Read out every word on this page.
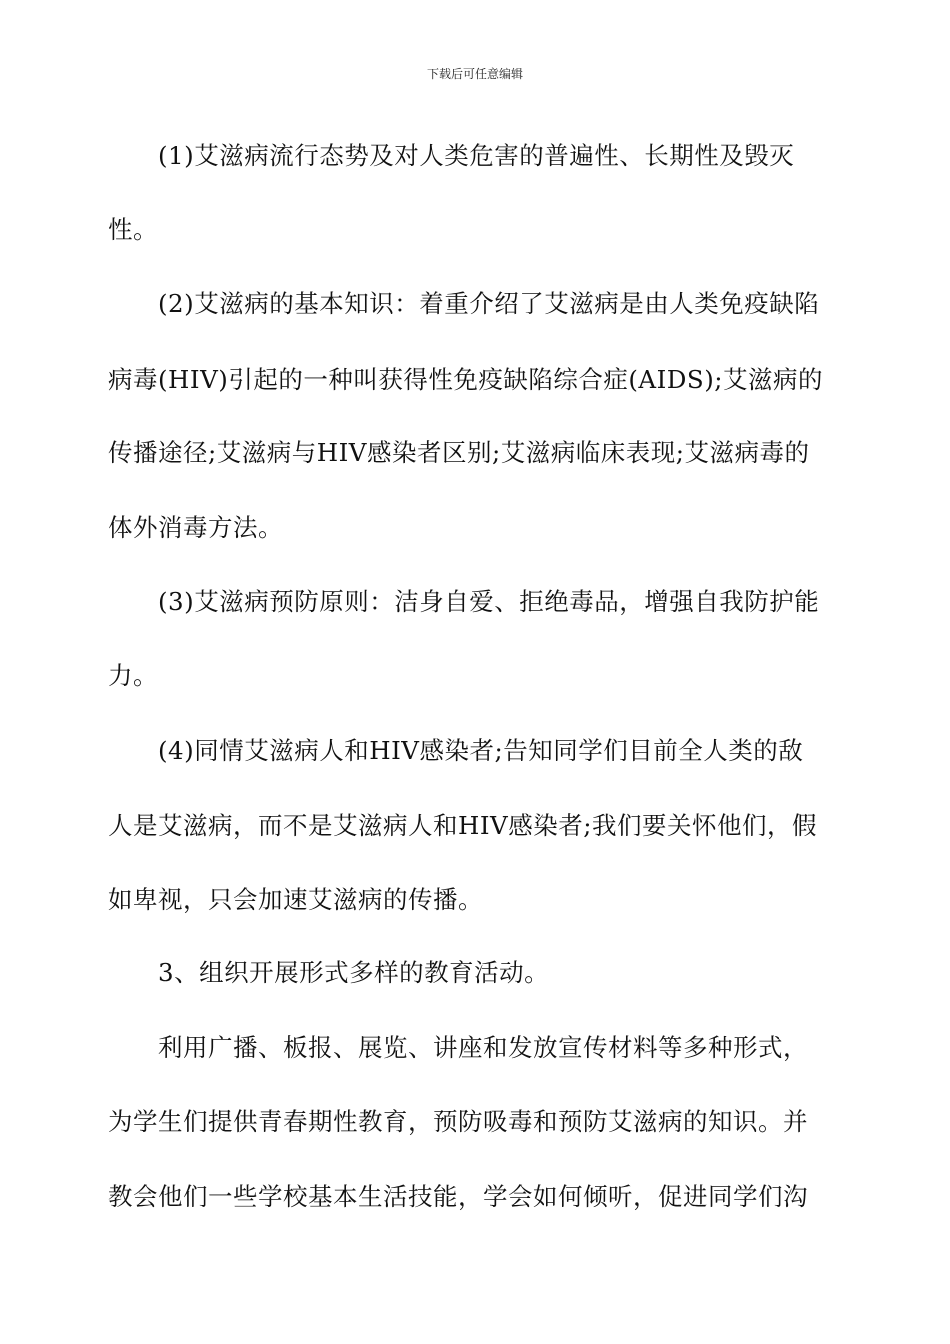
下载后可任意编辑
(1)艾滋病流行态势及对人类危害的普遍性、长期性及毁灭
性。
(2)艾滋病的基本知识：着重介绍了艾滋病是由人类免疫缺陷
病毒(HIV)引起的一种叫获得性免疫缺陷综合症(AIDS);艾滋病的
传播途径;艾滋病与HIV感染者区别;艾滋病临床表现;艾滋病毒的
体外消毒方法。
(3)艾滋病预防原则：洁身自爱、拒绝毒品，增强自我防护能
力。
(4)同情艾滋病人和HIV感染者;告知同学们目前全人类的敌
人是艾滋病，而不是艾滋病人和HIV感染者;我们要关怀他们，假
如卑视，只会加速艾滋病的传播。
3、组织开展形式多样的教育活动。
利用广播、板报、展览、讲座和发放宣传材料等多种形式，
为学生们提供青春期性教育，预防吸毒和预防艾滋病的知识。并
教会他们一些学校基本生活技能，学会如何倾听，促进同学们沟
